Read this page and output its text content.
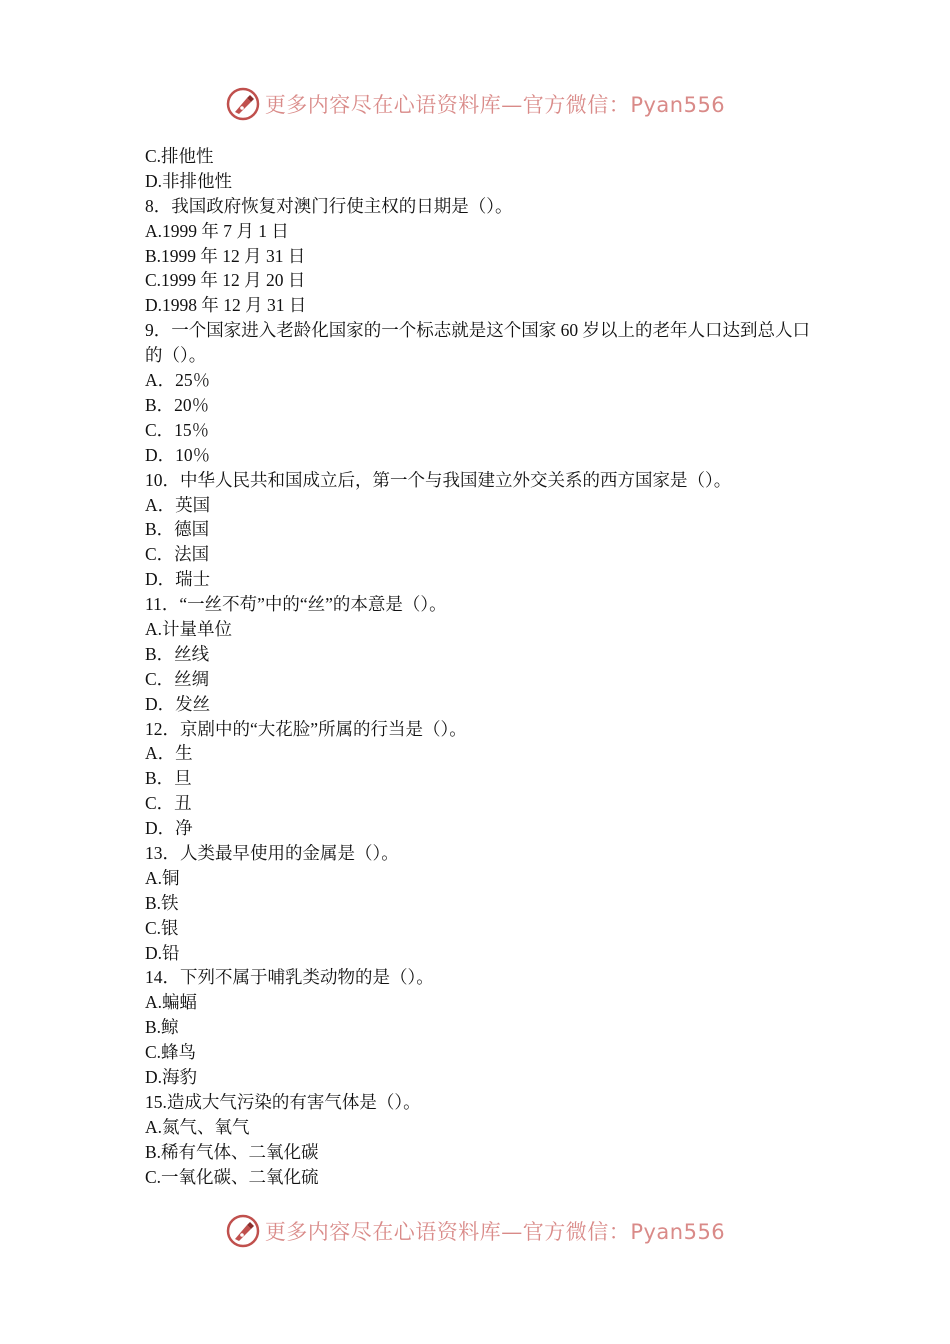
更多内容尽在心语资料库—官方微信：Pyan556
C.排他性
D.非排他性
8．我国政府恢复对澳门行使主权的日期是（）。
A.1999 年 7 月 1 日
B.1999 年 12 月 31 日
C.1999 年 12 月 20 日
D.1998 年 12 月 31 日
9．一个国家进入老龄化国家的一个标志就是这个国家 60 岁以上的老年人口达到总人口的（）。
A．25％
B．20％
C．15％
D．10％
10．中华人民共和国成立后，第一个与我国建立外交关系的西方国家是（）。
A．英国
B．德国
C．法国
D．瑞士
11．“一丝不苟”中的“丝”的本意是（）。
A.计量单位
B．丝线
C．丝绸
D．发丝
12．京剧中的“大花脸”所属的行当是（）。
A．生
B．旦
C．丑
D．净
13．人类最早使用的金属是（）。
A.铜
B.铁
C.银
D.铅
14．下列不属于哺乳类动物的是（）。
A.蝙蝠
B.鲸
C.蜂鸟
D.海豹
15.造成大气污染的有害气体是（）。
A.氮气、氧气
B.稀有气体、二氧化碳
C.一氧化碳、二氧化硫
更多内容尽在心语资料库—官方微信：Pyan556
